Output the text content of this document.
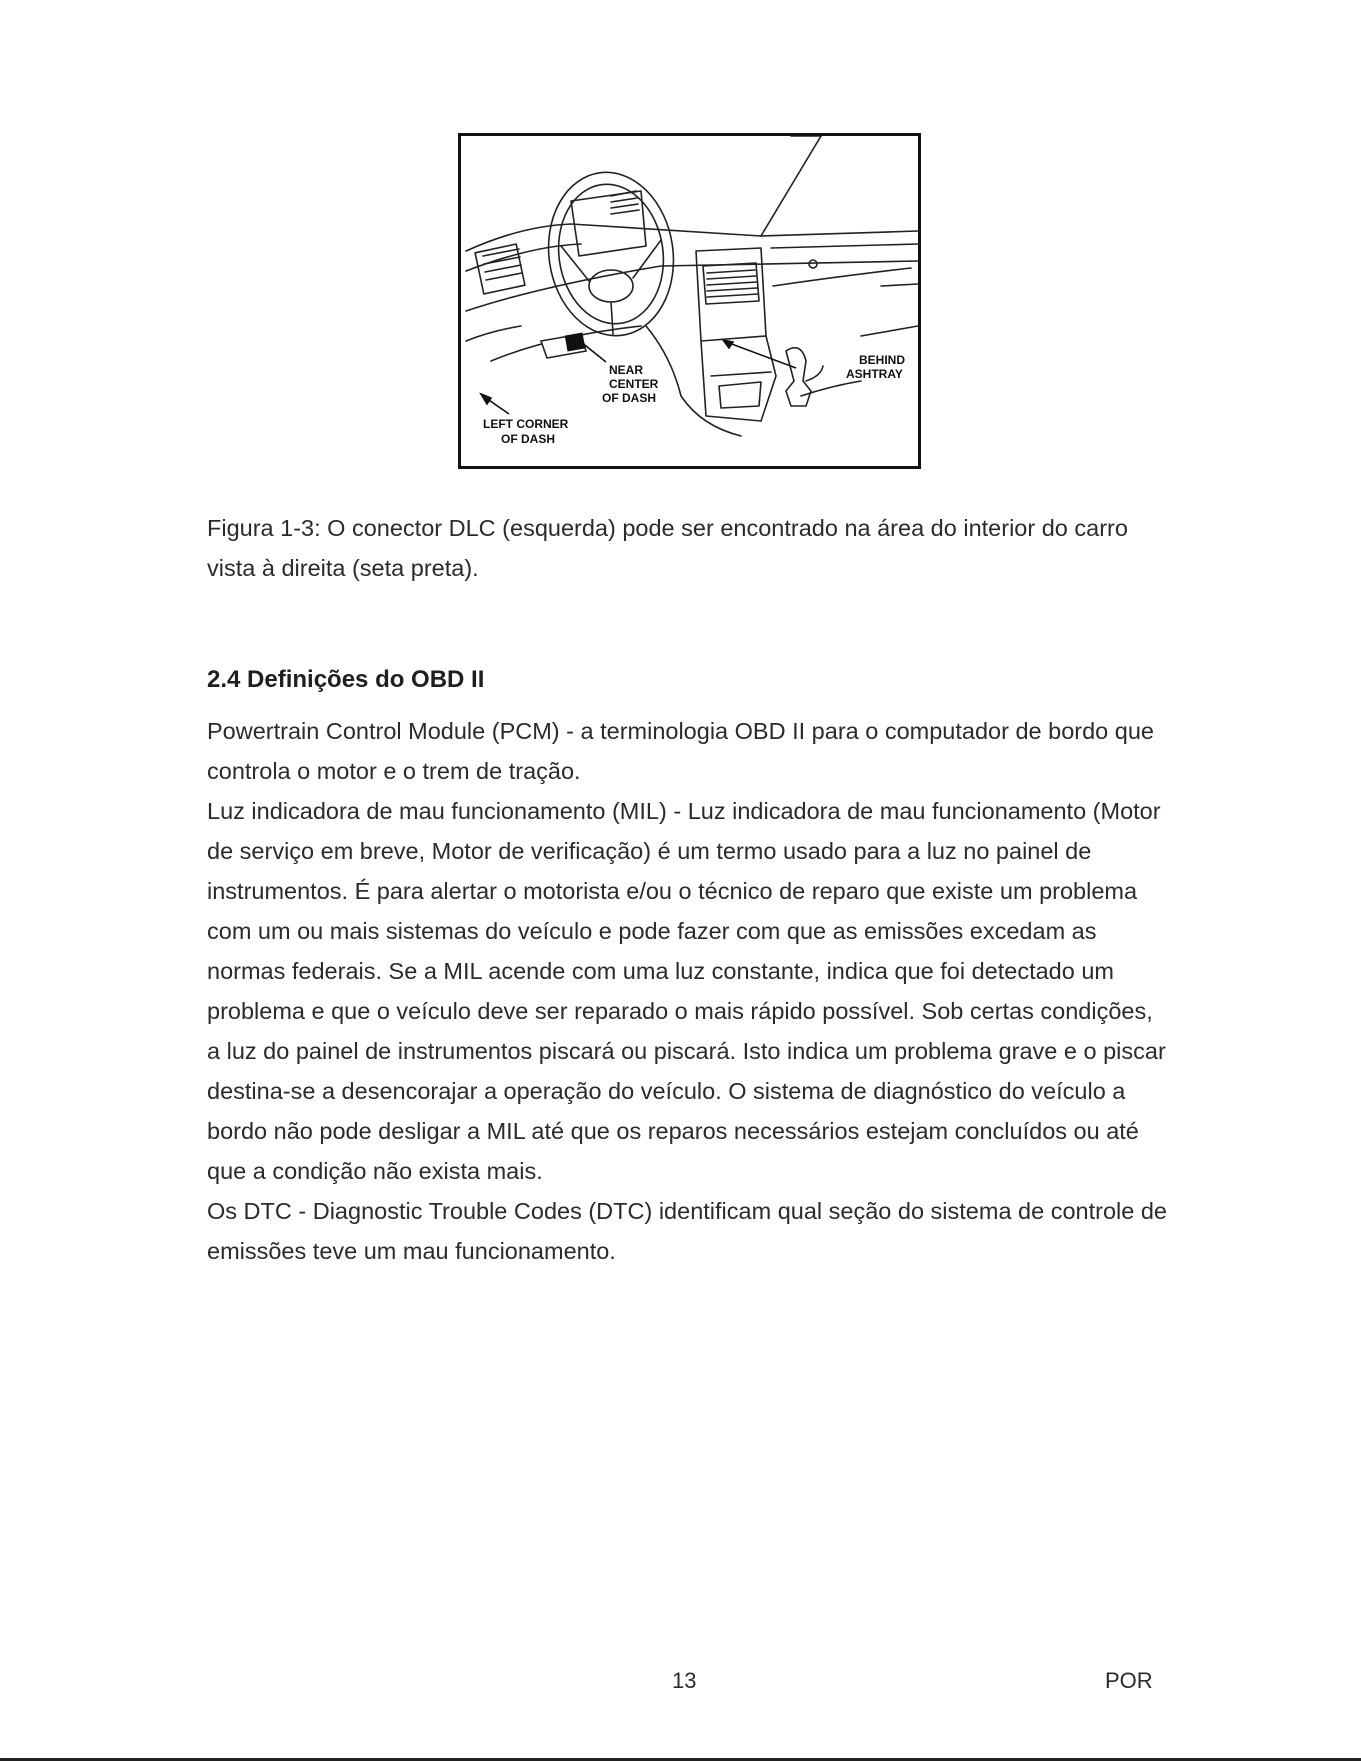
NEAR
CENTER
OF DASH
BEHIND
ASHTRAY
LEFT CORNER
OF DASH

Figura 1-3: O conector DLC (esquerda) pode ser encontrado na área do interior do carro vista à direita (seta preta).

2.4 Definições do OBD II

Powertrain Control Module (PCM) - a terminologia OBD II para o computador de bordo que controla o motor e o trem de tração.

Luz indicadora de mau funcionamento (MIL) - Luz indicadora de mau funcionamento (Motor de serviço em breve, Motor de verificação) é um termo usado para a luz no painel de instrumentos. É para alertar o motorista e/ou o técnico de reparo que existe um problema com um ou mais sistemas do veículo e pode fazer com que as emissões excedam as normas federais. Se a MIL acende com uma luz constante, indica que foi detectado um problema e que o veículo deve ser reparado o mais rápido possível. Sob certas condições, a luz do painel de instrumentos piscará ou piscará. Isto indica um problema grave e o piscar destina-se a desencorajar a operação do veículo. O sistema de diagnóstico do veículo a bordo não pode desligar a MIL até que os reparos necessários estejam concluídos ou até que a condição não exista mais.

Os DTC - Diagnostic Trouble Codes (DTC) identificam qual seção do sistema de controle de emissões teve um mau funcionamento.

13	POR
